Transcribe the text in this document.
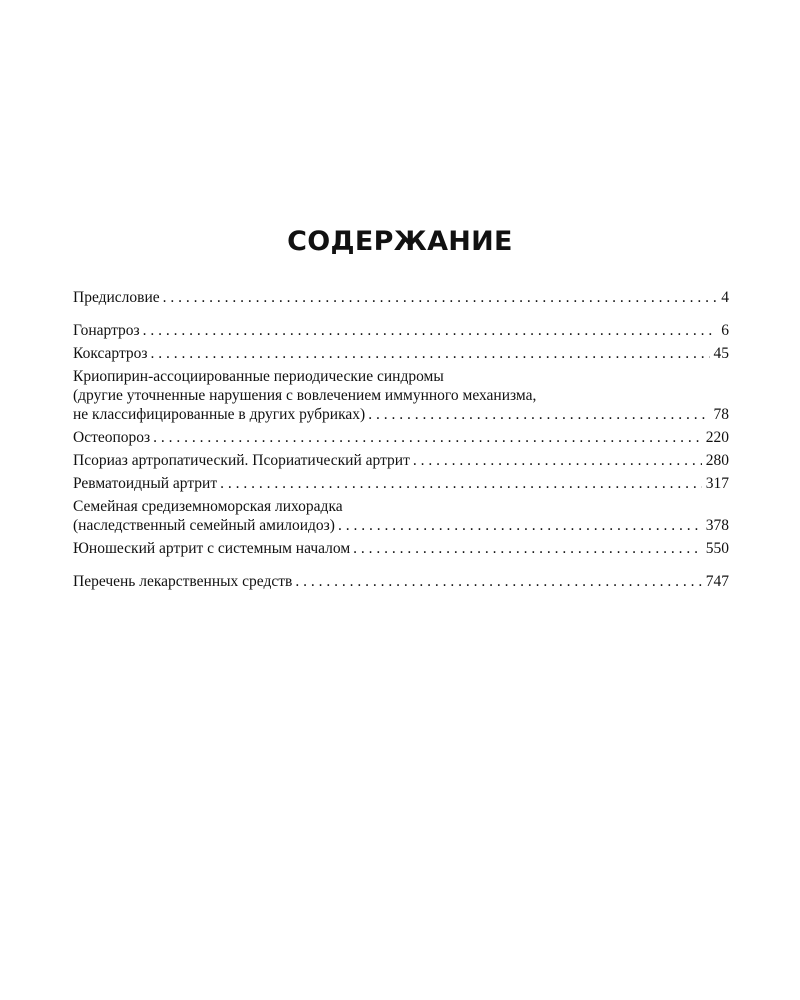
СОДЕРЖАНИЕ
Предисловие . . .	4
Гонартроз . . .	6
Коксартроз . . .	45
Криопирин-ассоциированные периодические синдромы
(другие уточненные нарушения с вовлечением иммунного механизма,
не классифицированные в других рубриках) . . .	78
Остеопороз . . .	220
Псориаз артропатический. Псориатический артрит . . .	280
Ревматоидный артрит . . .	317
Семейная средиземноморская лихорадка
(наследственный семейный амилоидоз) . . .	378
Юношеский артрит с системным началом . . .	550
Перечень лекарственных средств . . .	747
